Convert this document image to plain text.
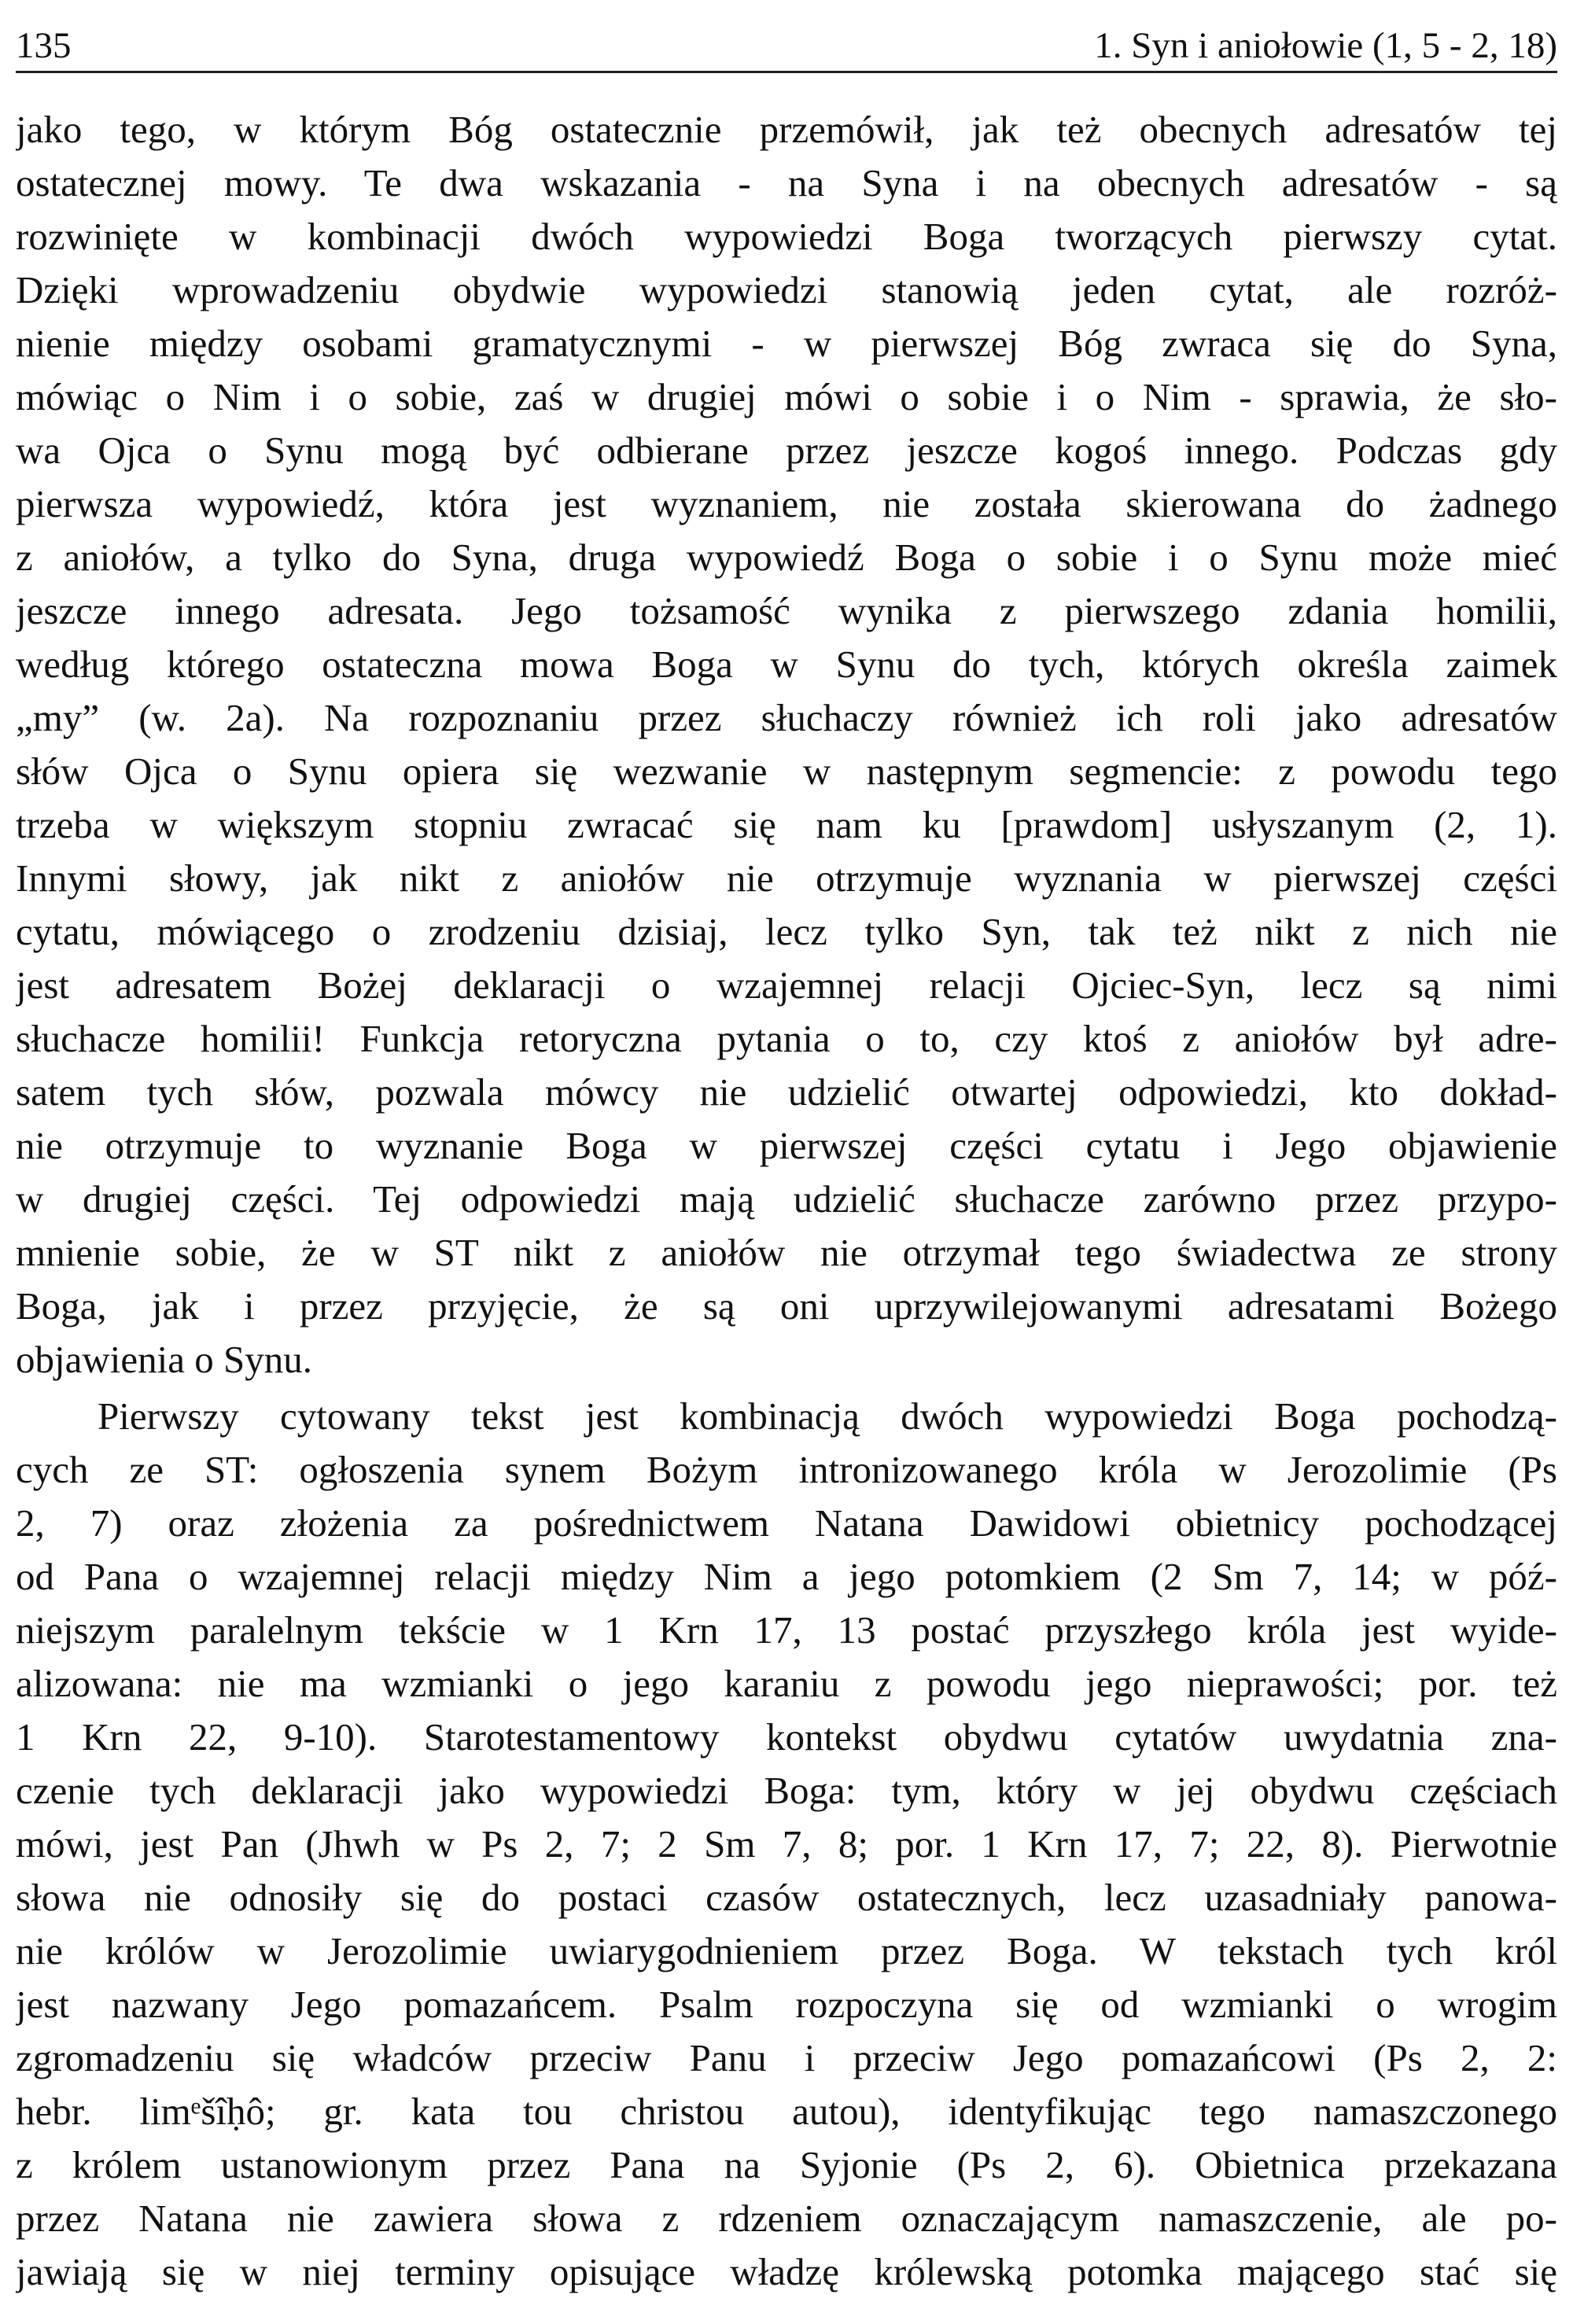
135	1. Syn i aniołowie (1, 5 - 2, 18)

jako tego, w którym Bóg ostatecznie przemówił, jak też obecnych adresatów tej

ostatecznej mowy. Te dwa wskazania - na Syna i na obecnych adresatów - są

rozwinięte w kombinacji dwóch wypowiedzi Boga tworzących pierwszy cytat.

Dzięki wprowadzeniu obydwie wypowiedzi stanowią jeden cytat, ale rozróż-

nienie między osobami gramatycznymi - w pierwszej Bóg zwraca się do Syna,

mówiąc o Nim i o sobie, zaś w drugiej mówi o sobie i o Nim - sprawia, że sło-

wa Ojca o Synu mogą być odbierane przez jeszcze kogoś innego. Podczas gdy

pierwsza wypowiedź, która jest wyznaniem, nie została skierowana do żadnego

z aniołów, a tylko do Syna, druga wypowiedź Boga o sobie i o Synu może mieć

jeszcze innego adresata. Jego tożsamość wynika z pierwszego zdania homilii,

według którego ostateczna mowa Boga w Synu do tych, których określa zaimek

„my” (w. 2a). Na rozpoznaniu przez słuchaczy również ich roli jako adresatów

słów Ojca o Synu opiera się wezwanie w następnym segmencie: z powodu tego

trzeba w większym stopniu zwracać się nam ku [prawdom] usłyszanym (2, 1).

Innymi słowy, jak nikt z aniołów nie otrzymuje wyznania w pierwszej części

cytatu, mówiącego o zrodzeniu dzisiaj, lecz tylko Syn, tak też nikt z nich nie

jest adresatem Bożej deklaracji o wzajemnej relacji Ojciec-Syn, lecz są nimi

słuchacze homilii! Funkcja retoryczna pytania o to, czy ktoś z aniołów był adre-

satem tych słów, pozwala mówcy nie udzielić otwartej odpowiedzi, kto dokład-

nie otrzymuje to wyznanie Boga w pierwszej części cytatu i Jego objawienie

w drugiej części. Tej odpowiedzi mają udzielić słuchacze zarówno przez przypo-

mnienie sobie, że w ST nikt z aniołów nie otrzymał tego świadectwa ze strony

Boga, jak i przez przyjęcie, że są oni uprzywilejowanymi adresatami Bożego

objawienia o Synu.

Pierwszy cytowany tekst jest kombinacją dwóch wypowiedzi Boga pochodzą-

cych ze ST: ogłoszenia synem Bożym intronizowanego króla w Jerozolimie (Ps

2, 7) oraz złożenia za pośrednictwem Natana Dawidowi obietnicy pochodzącej

od Pana o wzajemnej relacji między Nim a jego potomkiem (2 Sm 7, 14; w póź-

niejszym paralelnym tekście w 1 Krn 17, 13 postać przyszłego króla jest wyide-

alizowana: nie ma wzmianki o jego karaniu z powodu jego nieprawości; por. też

1 Krn 22, 9-10). Starotestamentowy kontekst obydwu cytatów uwydatnia zna-

czenie tych deklaracji jako wypowiedzi Boga: tym, który w jej obydwu częściach

mówi, jest Pan (Jhwh w Ps 2, 7; 2 Sm 7, 8; por. 1 Krn 17, 7; 22, 8). Pierwotnie

słowa nie odnosiły się do postaci czasów ostatecznych, lecz uzasadniały panowa-

nie królów w Jerozolimie uwiarygodnieniem przez Boga. W tekstach tych król

jest nazwany Jego pomazańcem. Psalm rozpoczyna się od wzmianki o wrogim

zgromadzeniu się władców przeciw Panu i przeciw Jego pomazańcowi (Ps 2, 2:

hebr. limᵉšîḥô; gr. kata tou christou autou), identyfikując tego namaszczonego

z królem ustanowionym przez Pana na Syjonie (Ps 2, 6). Obietnica przekazana

przez Natana nie zawiera słowa z rdzeniem oznaczającym namaszczenie, ale po-

jawiają się w niej terminy opisujące władzę królewską potomka mającego stać się
